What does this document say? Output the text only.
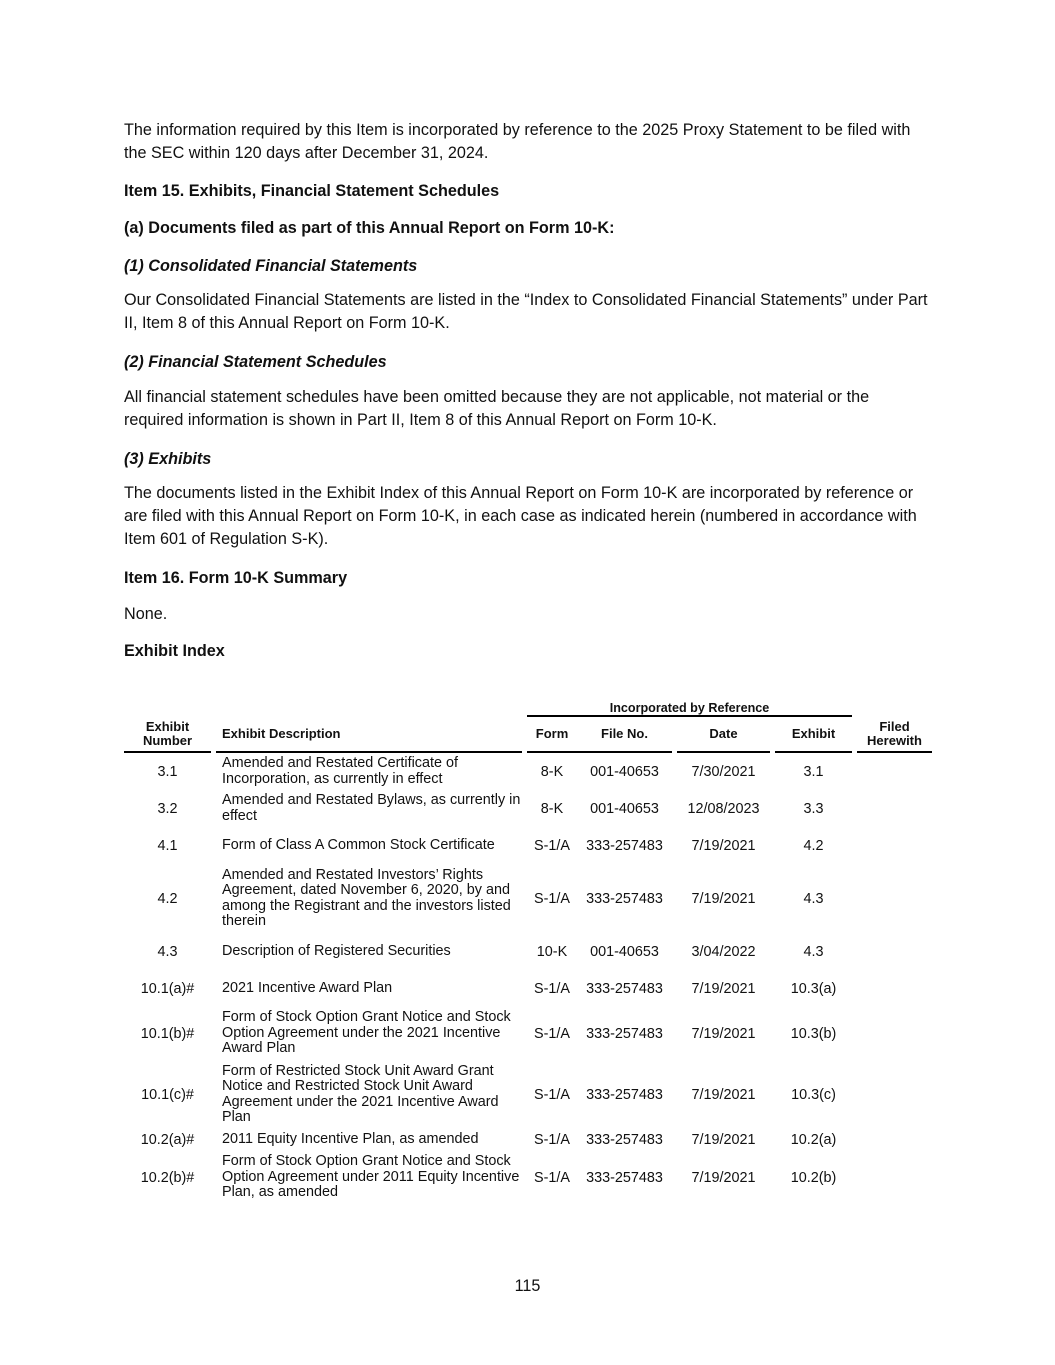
The information required by this Item is incorporated by reference to the 2025 Proxy Statement to be filed with the SEC within 120 days after December 31, 2024.

Item 15. Exhibits, Financial Statement Schedules

(a) Documents filed as part of this Annual Report on Form 10-K:

(1) Consolidated Financial Statements

Our Consolidated Financial Statements are listed in the “Index to Consolidated Financial Statements” under Part II, Item 8 of this Annual Report on Form 10-K.

(2) Financial Statement Schedules

All financial statement schedules have been omitted because they are not applicable, not material or the required information is shown in Part II, Item 8 of this Annual Report on Form 10-K.

(3) Exhibits

The documents listed in the Exhibit Index of this Annual Report on Form 10-K are incorporated by reference or are filed with this Annual Report on Form 10-K, in each case as indicated herein (numbered in accordance with Item 601 of Regulation S-K).

Item 16. Form 10-K Summary

None.

Exhibit Index

				Incorporated by Reference							
Exhibit Number		Exhibit Description		Form	File No.		Date		Exhibit		Filed Herewith
3.1		Amended and Restated Certificate of Incorporation, as currently in effect		8-K	001-40653		7/30/2021		3.1		
3.2		Amended and Restated Bylaws, as currently in effect		8-K	001-40653		12/08/2023		3.3		
4.1		Form of Class A Common Stock Certificate		S-1/A	333-257483		7/19/2021		4.2		
4.2		Amended and Restated Investors’ Rights Agreement, dated November 6, 2020, by and among the Registrant and the investors listed therein		S-1/A	333-257483		7/19/2021		4.3		
4.3		Description of Registered Securities		10-K	001-40653		3/04/2022		4.3		
10.1(a)#		2021 Incentive Award Plan		S-1/A	333-257483		7/19/2021		10.3(a)		
10.1(b)#		Form of Stock Option Grant Notice and Stock Option Agreement under the 2021 Incentive Award Plan		S-1/A	333-257483		7/19/2021		10.3(b)		
10.1(c)#		Form of Restricted Stock Unit Award Grant Notice and Restricted Stock Unit Award Agreement under the 2021 Incentive Award Plan		S-1/A	333-257483		7/19/2021		10.3(c)		
10.2(a)#		2011 Equity Incentive Plan, as amended		S-1/A	333-257483		7/19/2021		10.2(a)		
10.2(b)#		Form of Stock Option Grant Notice and Stock Option Agreement under 2011 Equity Incentive Plan, as amended		S-1/A	333-257483		7/19/2021		10.2(b)		
115
